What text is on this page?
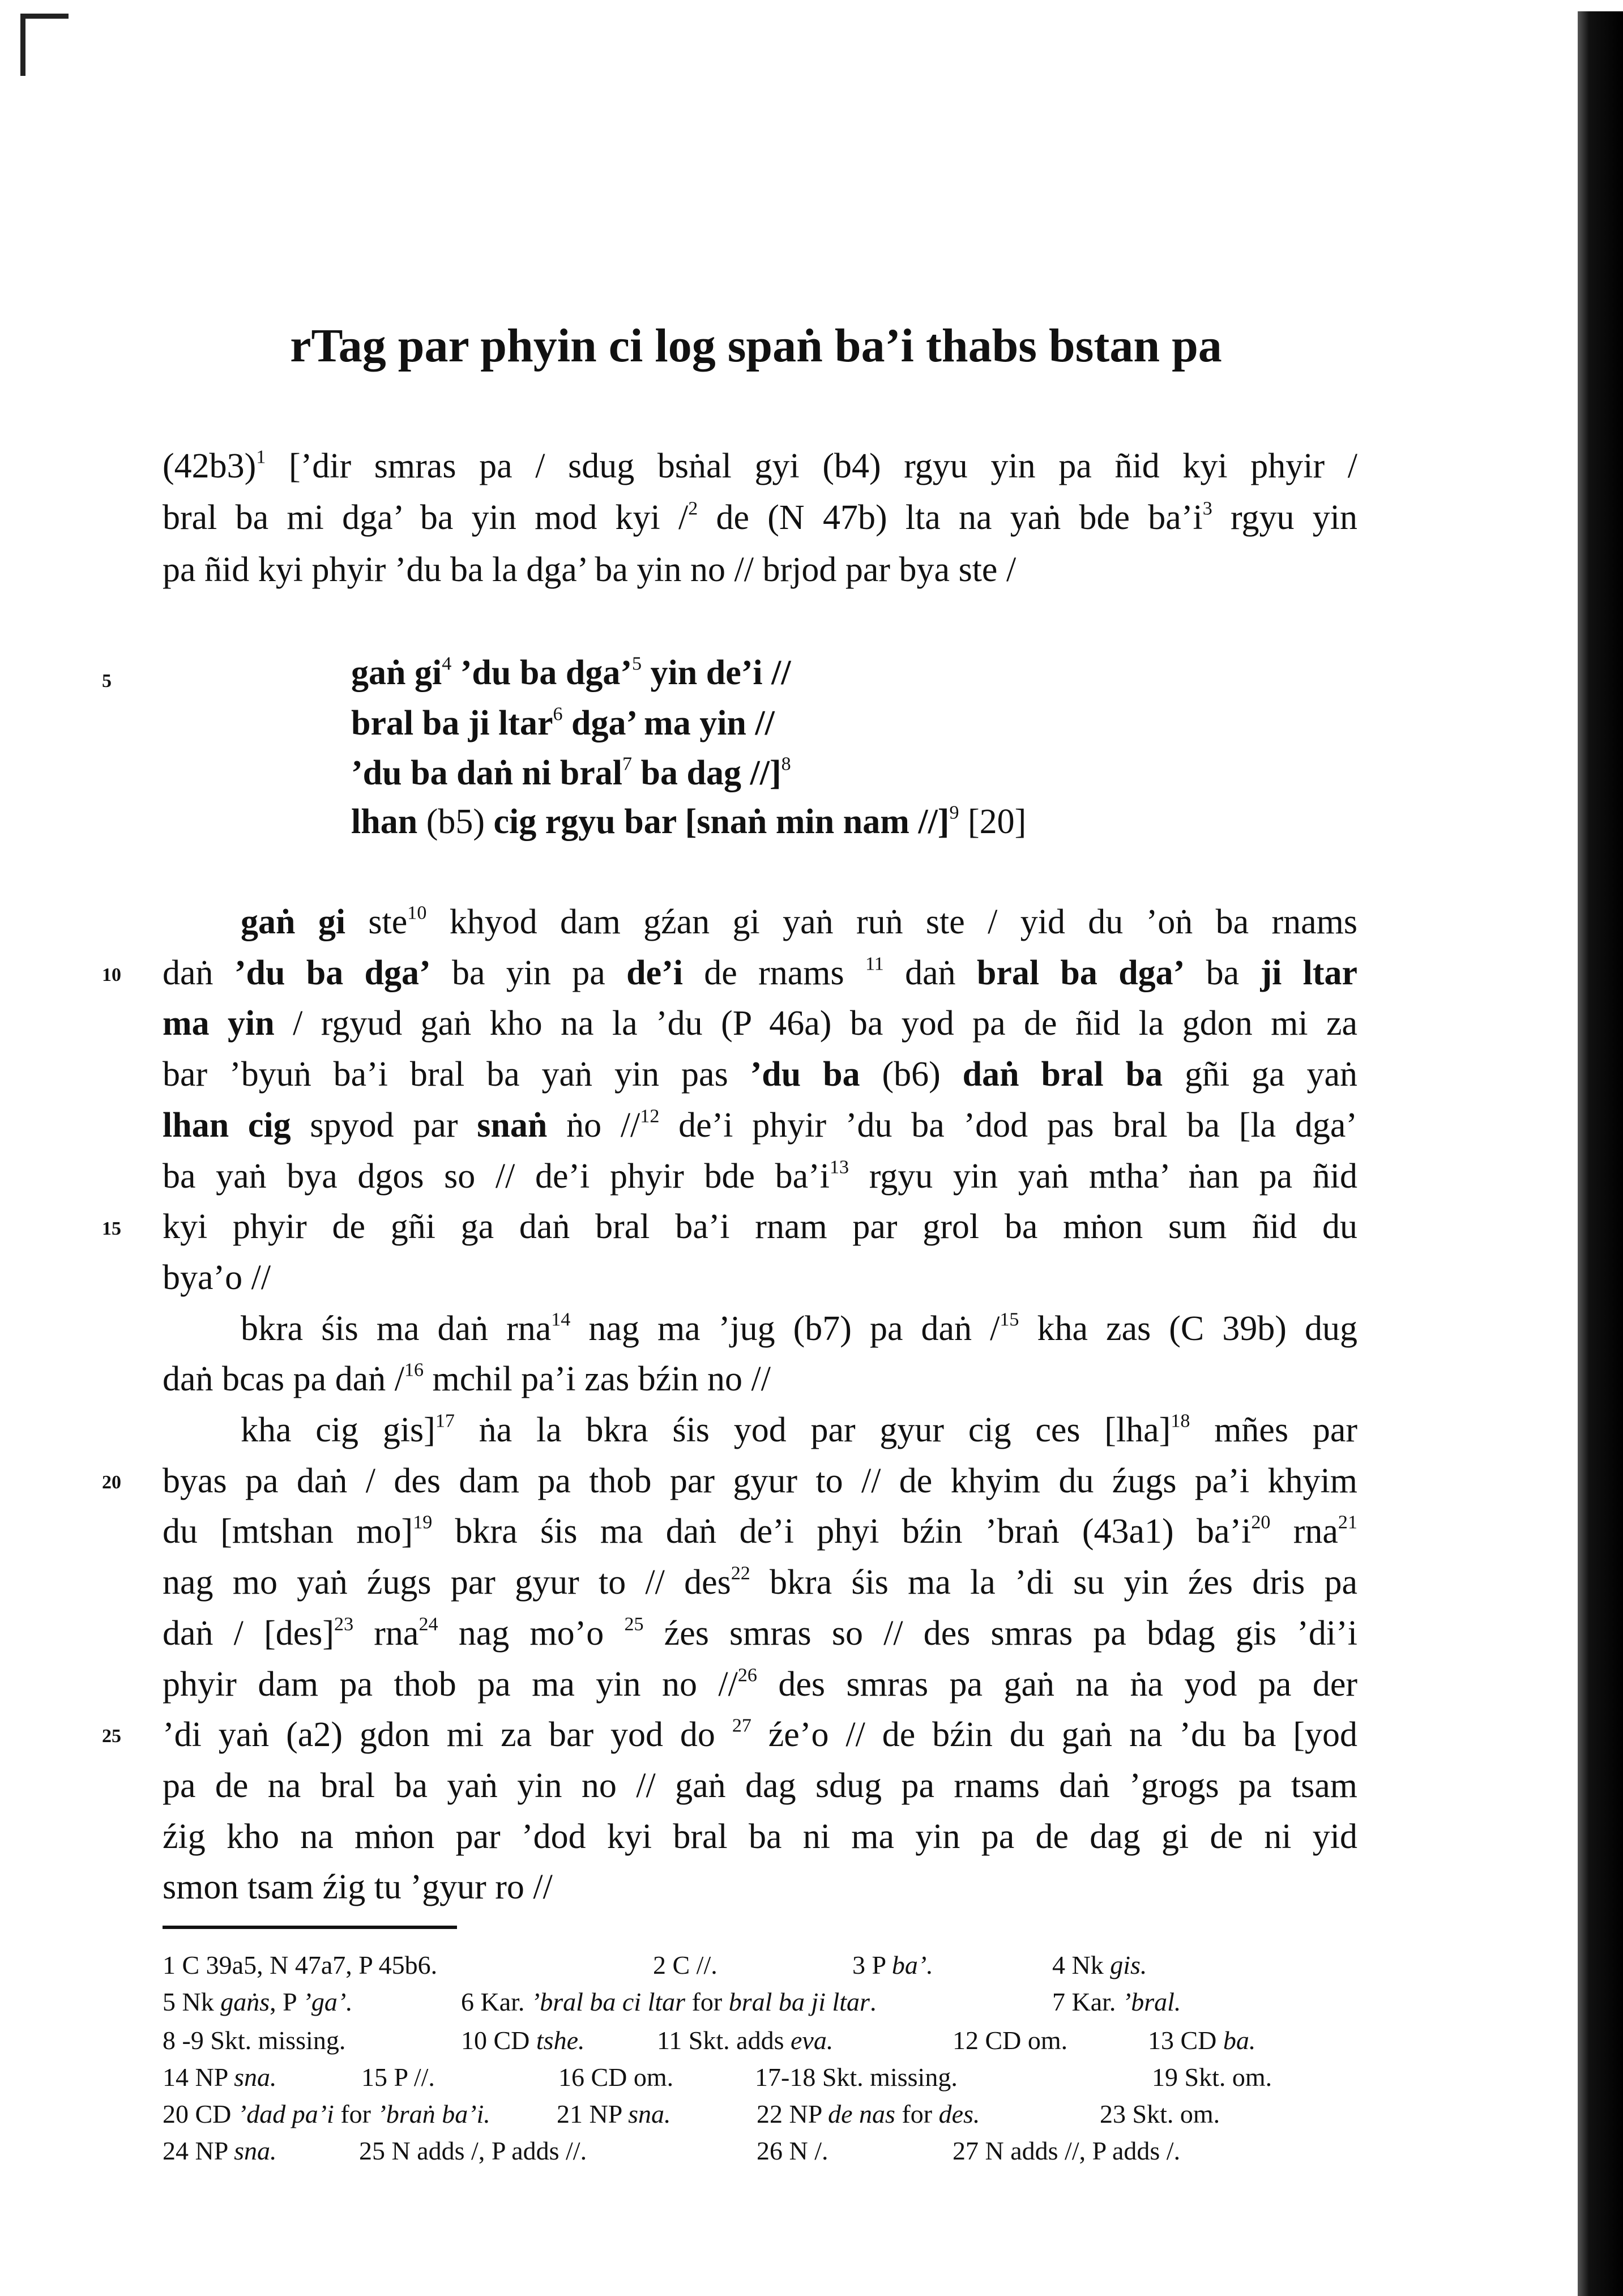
rTag par phyin ci log spaṅ ba’i thabs bstan pa
$(42b3)^1$ [’dir smras pa / sdug bsṅal gyi (b4) rgyu yin pa ñid kyi phyir /
bral ba mi dga’ ba yin mod kyi /$^2$ de (N 47b) lta na yaṅ bde $ba’i^3$ rgyu yin
pa ñid kyi phyir ’du ba la dga’ ba yin no // brjod par bya ste /
gaṅ $gi^4$ ’du ba dga’$^5$ yin de’i //
bral ba ji ltar$^6$ dga’ ma yin //
’du ba daṅ ni bral$^7$ ba dag //]$^8$
lhan (b5) cig rgyu bar [snaṅ min nam //]$^9$ [20]
gaṅ gi ste$^{10}$ khyod dam gźan gi yaṅ ruṅ ste / yid du ’oṅ ba rnams
daṅ ’du ba dga’ ba yin pa de’i de rnams $^{11}$ daṅ bral ba dga’ ba ji ltar
ma yin / rgyud gaṅ kho na la ’du (P 46a) ba yod pa de ñid la gdon mi za
bar ’byuṅ ba’i bral ba yaṅ yin pas ’du ba (b6) daṅ bral ba gñi ga yaṅ
lhan cig spyod par snaṅ ṅo //$^{12}$ de’i phyir ’du ba ’dod pas bral ba [la dga’
ba yaṅ bya dgos so // de’i phyir bde $ba’i^{13}$ rgyu yin yaṅ mtha’ ṅan pa ñid
kyi phyir de gñi ga daṅ bral ba’i rnam par grol ba mṅon sum ñid du
bya’o //
bkra śis ma daṅ rna$^{14}$ nag ma ’jug (b7) pa daṅ /$^{15}$ kha zas (C 39b) dug
daṅ bcas pa daṅ /$^{16}$ mchil pa’i zas bźin no //
kha cig gis]$^{17}$ ṅa la bkra śis yod par gyur cig ces [lha]$^{18}$ mñes par
byas pa daṅ / des dam pa thob par gyur to // de khyim du źugs pa’i khyim
du [mtshan mo]$^{19}$ bkra śis ma daṅ de’i phyi bźin ’braṅ (43a1) $ba’i^{20}$ rna$^{21}$
nag mo yaṅ źugs par gyur to // des$^{22}$ bkra śis ma la ’di su yin źes dris pa
daṅ / [des]$^{23}$ rna$^{24}$ nag mo’o $^{25}$ źes smras so // des smras pa bdag gis ’di’i
phyir dam pa thob pa ma yin no //$^{26}$ des smras pa gaṅ na ṅa yod pa der
’di yaṅ (a2) gdon mi za bar yod do $^{27}$ źe’o // de bźin du gaṅ na ’du ba [yod
pa de na bral ba yaṅ yin no // gaṅ dag sdug pa rnams daṅ ’grogs pa tsam
źig kho na mṅon par ’dod kyi bral ba ni ma yin pa de dag gi de ni yid
smon tsam źig tu ’gyur ro //
5
10
15
20
25
1 C 39a5, N 47a7, P 45b6.	2 C //.	3 P ba’.	4 Nk gis.
5 Nk gaṅs, P ’ga’.	6 Kar. ’bral ba ci ltar for bral ba ji ltar.	7 Kar. ’bral.
8 -9 Skt. missing.	10 CD tshe.	11 Skt. adds eva.	12 CD om.	13 CD ba.
14 NP sna.	15 P //.	16 CD om.	17-18 Skt. missing.	19 Skt. om.
20 CD ’dad pa’i for ’braṅ ba’i.	21 NP sna.	22 NP de nas for des.	23 Skt. om.
24 NP sna.	25 N adds /, P adds //.	26 N /.	27 N adds //, P adds /.
